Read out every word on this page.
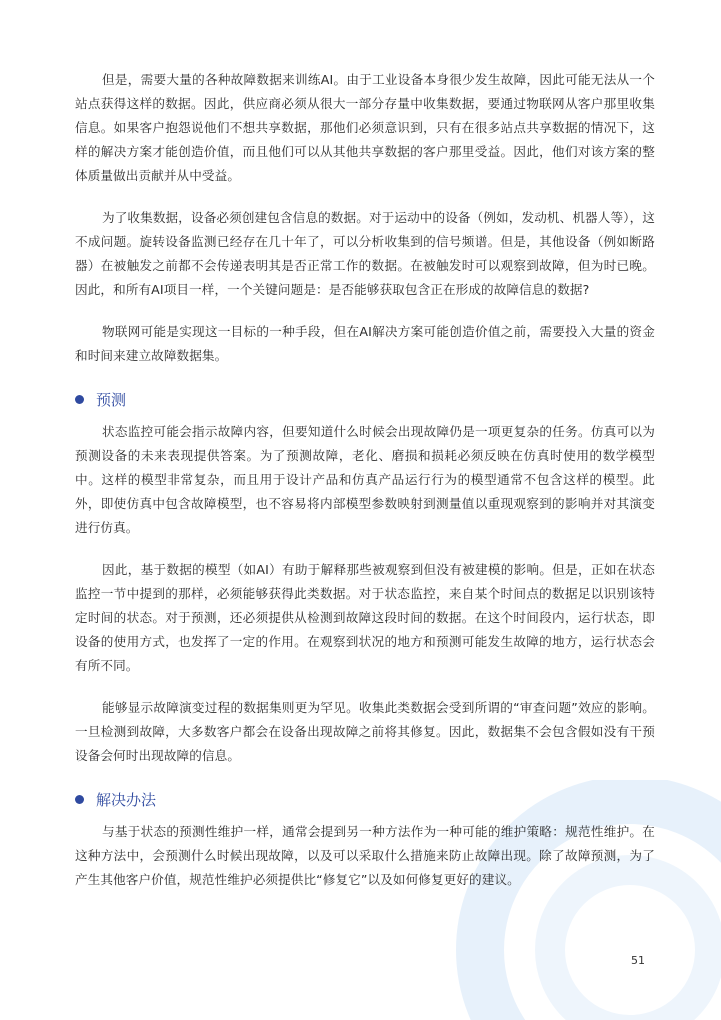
但是，需要大量的各种故障数据来训练AI。由于工业设备本身很少发生故障，因此可能无法从一个站点获得这样的数据。因此，供应商必须从很大一部分存量中收集数据，要通过物联网从客户那里收集信息。如果客户抱怨说他们不想共享数据，那他们必须意识到，只有在很多站点共享数据的情况下，这样的解决方案才能创造价值，而且他们可以从其他共享数据的客户那里受益。因此，他们对该方案的整体质量做出贡献并从中受益。

为了收集数据，设备必须创建包含信息的数据。对于运动中的设备（例如，发动机、机器人等），这不成问题。旋转设备监测已经存在几十年了，可以分析收集到的信号频谱。但是，其他设备（例如断路器）在被触发之前都不会传递表明其是否正常工作的数据。在被触发时可以观察到故障，但为时已晚。因此，和所有AI项目一样，一个关键问题是：是否能够获取包含正在形成的故障信息的数据?

物联网可能是实现这一目标的一种手段，但在AI解决方案可能创造价值之前，需要投入大量的资金和时间来建立故障数据集。

预测

状态监控可能会指示故障内容，但要知道什么时候会出现故障仍是一项更复杂的任务。仿真可以为预测设备的未来表现提供答案。为了预测故障，老化、磨损和损耗必须反映在仿真时使用的数学模型中。这样的模型非常复杂，而且用于设计产品和仿真产品运行行为的模型通常不包含这样的模型。此外，即使仿真中包含故障模型，也不容易将内部模型参数映射到测量值以重现观察到的影响并对其演变进行仿真。

因此，基于数据的模型（如AI）有助于解释那些被观察到但没有被建模的影响。但是，正如在状态监控一节中提到的那样，必须能够获得此类数据。对于状态监控，来自某个时间点的数据足以识别该特定时间的状态。对于预测，还必须提供从检测到故障这段时间的数据。在这个时间段内，运行状态，即设备的使用方式，也发挥了一定的作用。在观察到状况的地方和预测可能发生故障的地方，运行状态会有所不同。

能够显示故障演变过程的数据集则更为罕见。收集此类数据会受到所谓的“审查问题”效应的影响。一旦检测到故障，大多数客户都会在设备出现故障之前将其修复。因此，数据集不会包含假如没有干预设备会何时出现故障的信息。

解决办法

与基于状态的预测性维护一样，通常会提到另一种方法作为一种可能的维护策略：规范性维护。在这种方法中，会预测什么时候出现故障，以及可以采取什么措施来防止故障出现。除了故障预测，为了产生其他客户价值，规范性维护必须提供比“修复它”以及如何修复更好的建议。

51
